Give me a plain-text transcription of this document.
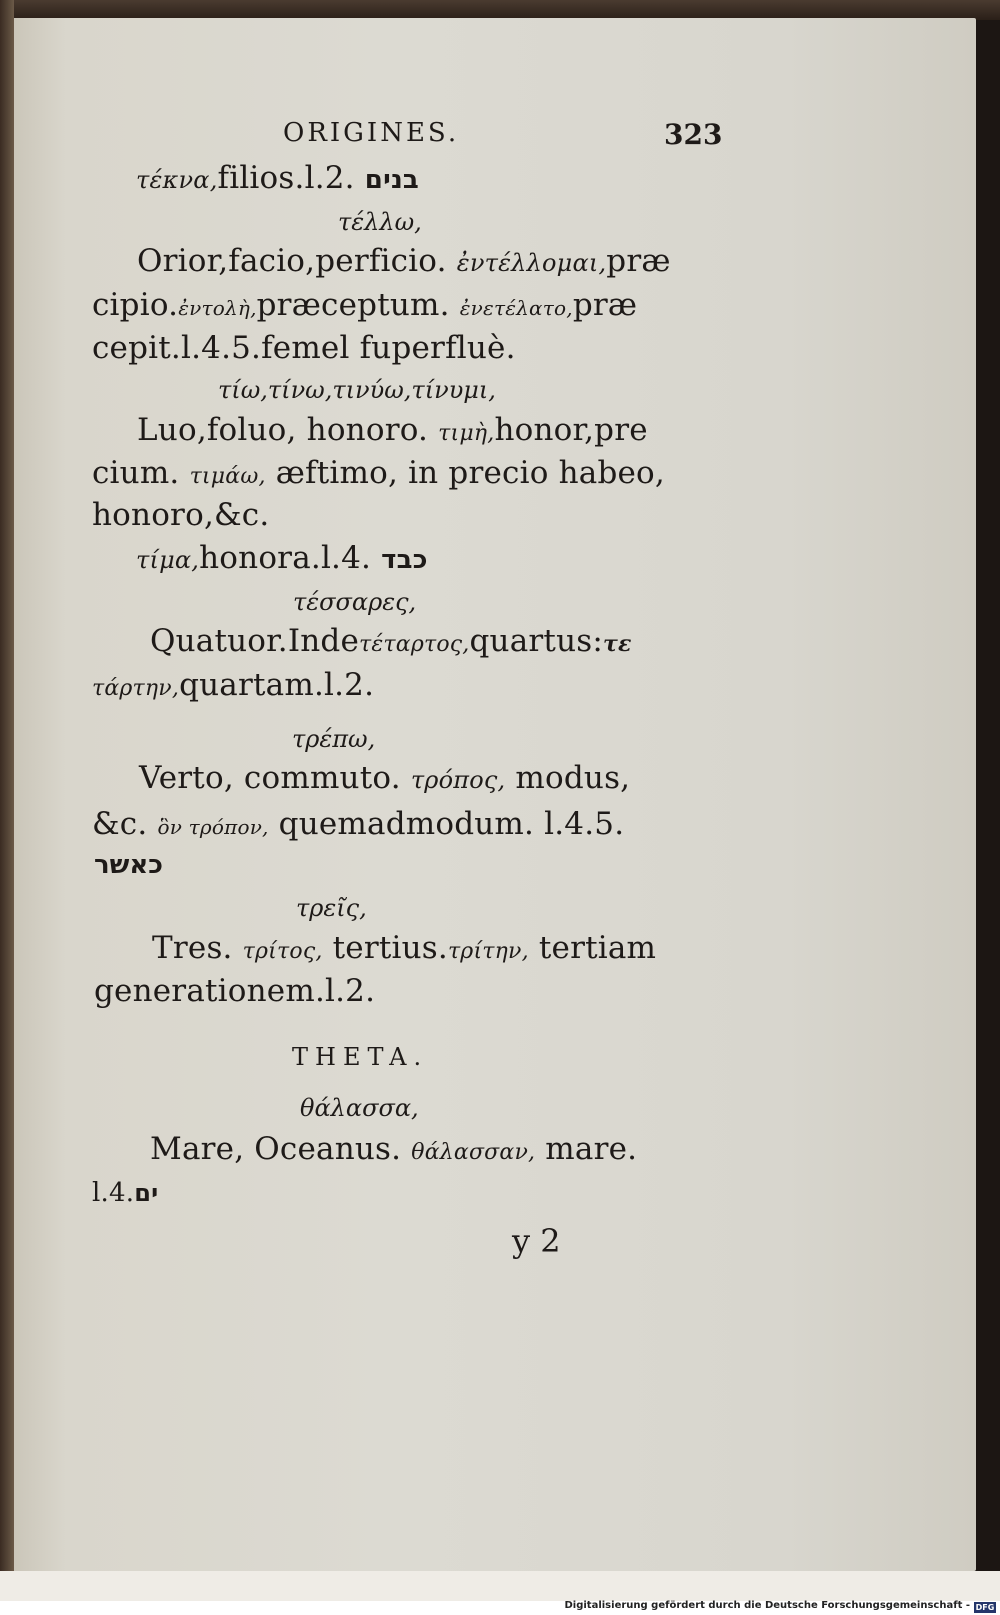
ORIGINES.	323
τέκνα,filios.l.2. בנים
τέλλω,
Orior,facio,perficio. ἐντέλλομαι,præ
cipio.ἐντολὴ,præceptum. ἐνετέλατο,præ
cepit.l.4.5.femel fuperfluè.
τίω,τίνω,τινύω,τίνυμι,
Luo,foluo, honoro. τιμὴ,honor,pre
cium. τιμάω, æftimo, in precio habeo,
honoro,&c.
τίμα,honora.l.4. כבד
τέσσαρες,
Quatuor.Indeτέταρτος,quartus:τε
τάρτην,quartam.l.2.
τρέπω,
Verto, commuto. τρόπος, modus,
&c. ὃν τρόπον, quemadmodum. l.4.5.
כאשר
τρεῖς,
Tres. τρίτος, tertius.τρίτην, tertiam
generationem.l.2.
THETA.
θάλασσα,
Mare, Oceanus. θάλασσαν, mare.
l.4.ים
y 2
Digitalisierung gefördert durch die Deutsche Forschungsgemeinschaft - DFG
